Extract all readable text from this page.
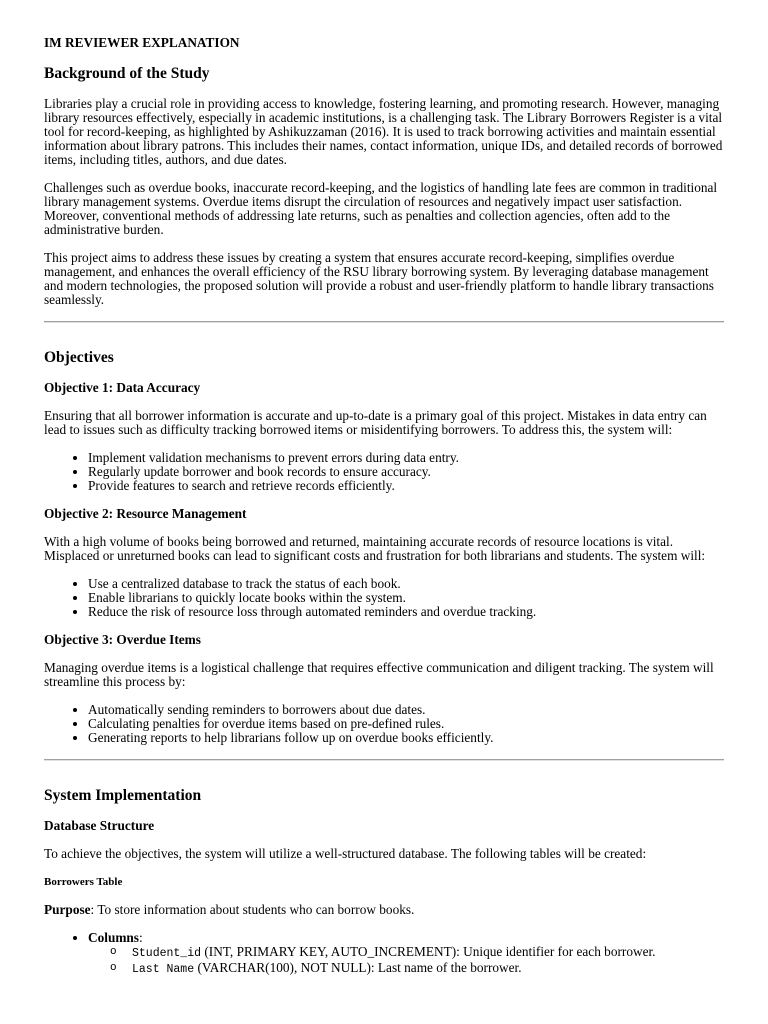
IM REVIEWER EXPLANATION
Background of the Study

Libraries play a crucial role in providing access to knowledge, fostering learning, and promoting research. However, managing library resources effectively, especially in academic institutions, is a challenging task. The Library Borrowers Register is a vital tool for record-keeping, as highlighted by Ashikuzzaman (2016). It is used to track borrowing activities and maintain essential information about library patrons. This includes their names, contact information, unique IDs, and detailed records of borrowed items, including titles, authors, and due dates.

Challenges such as overdue books, inaccurate record-keeping, and the logistics of handling late fees are common in traditional library management systems. Overdue items disrupt the circulation of resources and negatively impact user satisfaction. Moreover, conventional methods of addressing late returns, such as penalties and collection agencies, often add to the administrative burden.

This project aims to address these issues by creating a system that ensures accurate record-keeping, simplifies overdue management, and enhances the overall efficiency of the RSU library borrowing system. By leveraging database management and modern technologies, the proposed solution will provide a robust and user-friendly platform to handle library transactions seamlessly.

Objectives
Objective 1: Data Accuracy

Ensuring that all borrower information is accurate and up-to-date is a primary goal of this project. Mistakes in data entry can lead to issues such as difficulty tracking borrowed items or misidentifying borrowers. To address this, the system will:

• Implement validation mechanisms to prevent errors during data entry.
• Regularly update borrower and book records to ensure accuracy.
• Provide features to search and retrieve records efficiently.
Objective 2: Resource Management

With a high volume of books being borrowed and returned, maintaining accurate records of resource locations is vital. Misplaced or unreturned books can lead to significant costs and frustration for both librarians and students. The system will:

• Use a centralized database to track the status of each book.
• Enable librarians to quickly locate books within the system.
• Reduce the risk of resource loss through automated reminders and overdue tracking.
Objective 3: Overdue Items

Managing overdue items is a logistical challenge that requires effective communication and diligent tracking. The system will streamline this process by:

• Automatically sending reminders to borrowers about due dates.
• Calculating penalties for overdue items based on pre-defined rules.
• Generating reports to help librarians follow up on overdue books efficiently.
System Implementation
Database Structure

To achieve the objectives, the system will utilize a well-structured database. The following tables will be created:

Borrowers Table

Purpose: To store information about students who can borrow books.

• Columns:
o Student_id (INT, PRIMARY KEY, AUTO_INCREMENT): Unique identifier for each borrower.
o Last Name (VARCHAR(100), NOT NULL): Last name of the borrower.
